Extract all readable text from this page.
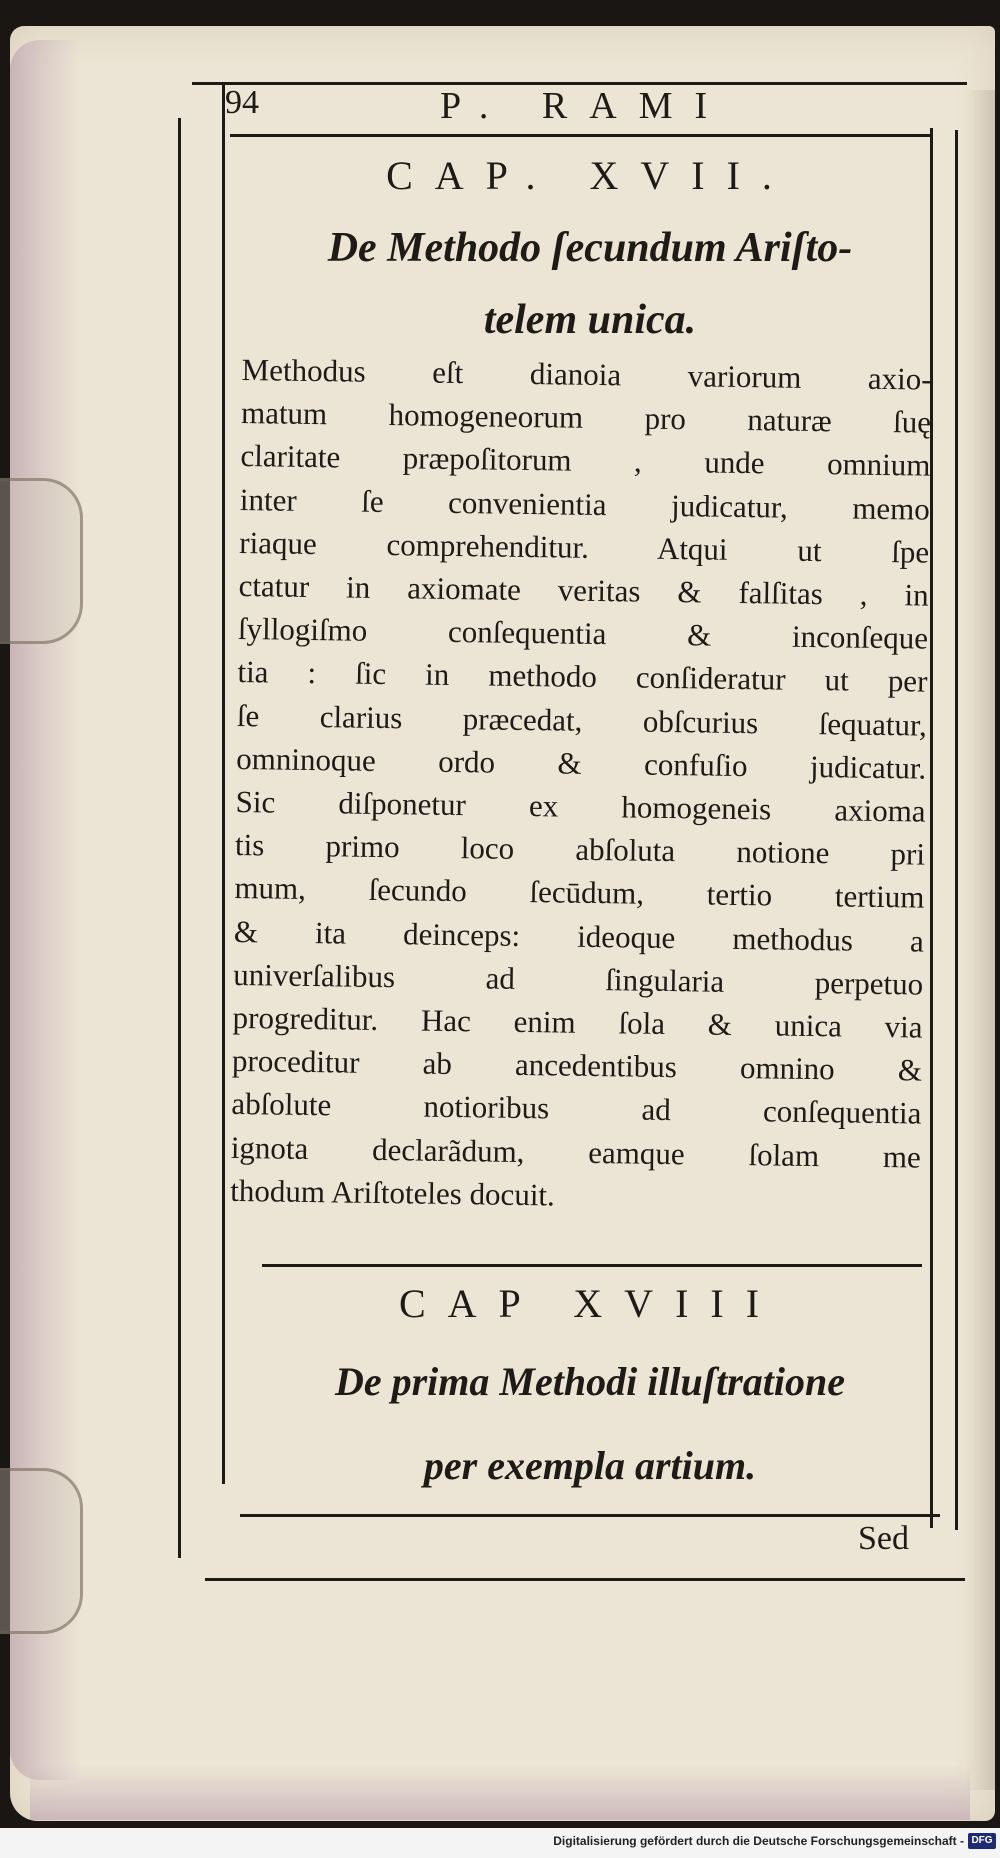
94	P. RAMI
CAP. XVII.
De Methodo ſecundum Ariſto-
telem unica.
Methodus eſt dianoia variorum axio-
matum homogeneorum pro naturæ ſuę
claritate præpoſitorum , unde omnium
inter ſe convenientia judicatur, memo
riaque comprehenditur. Atqui ut ſpe
ctatur in axiomate veritas & falſitas , in
ſyllogiſmo conſequentia & inconſeque
tia : ſic in methodo conſideratur ut per
ſe clarius præcedat, obſcurius ſequatur,
omninoque ordo & confuſio judicatur.
Sic diſponetur ex homogeneis axioma
tis primo loco abſoluta notione pri
mum, ſecundo ſecūdum, tertio tertium
& ita deinceps: ideoque methodus a
univerſalibus ad ſingularia perpetuo
progreditur. Hac enim ſola & unica via
proceditur ab ancedentibus omnino &
abſolute notioribus ad conſequentia
ignota declarãdum, eamque ſolam me
thodum Ariſtoteles docuit.
CAP XVIII
De prima Methodi illuſtratione
per exempla artium.
Sed
Digitalisierung gefördert durch die Deutsche Forschungsgemeinschaft - DFG
